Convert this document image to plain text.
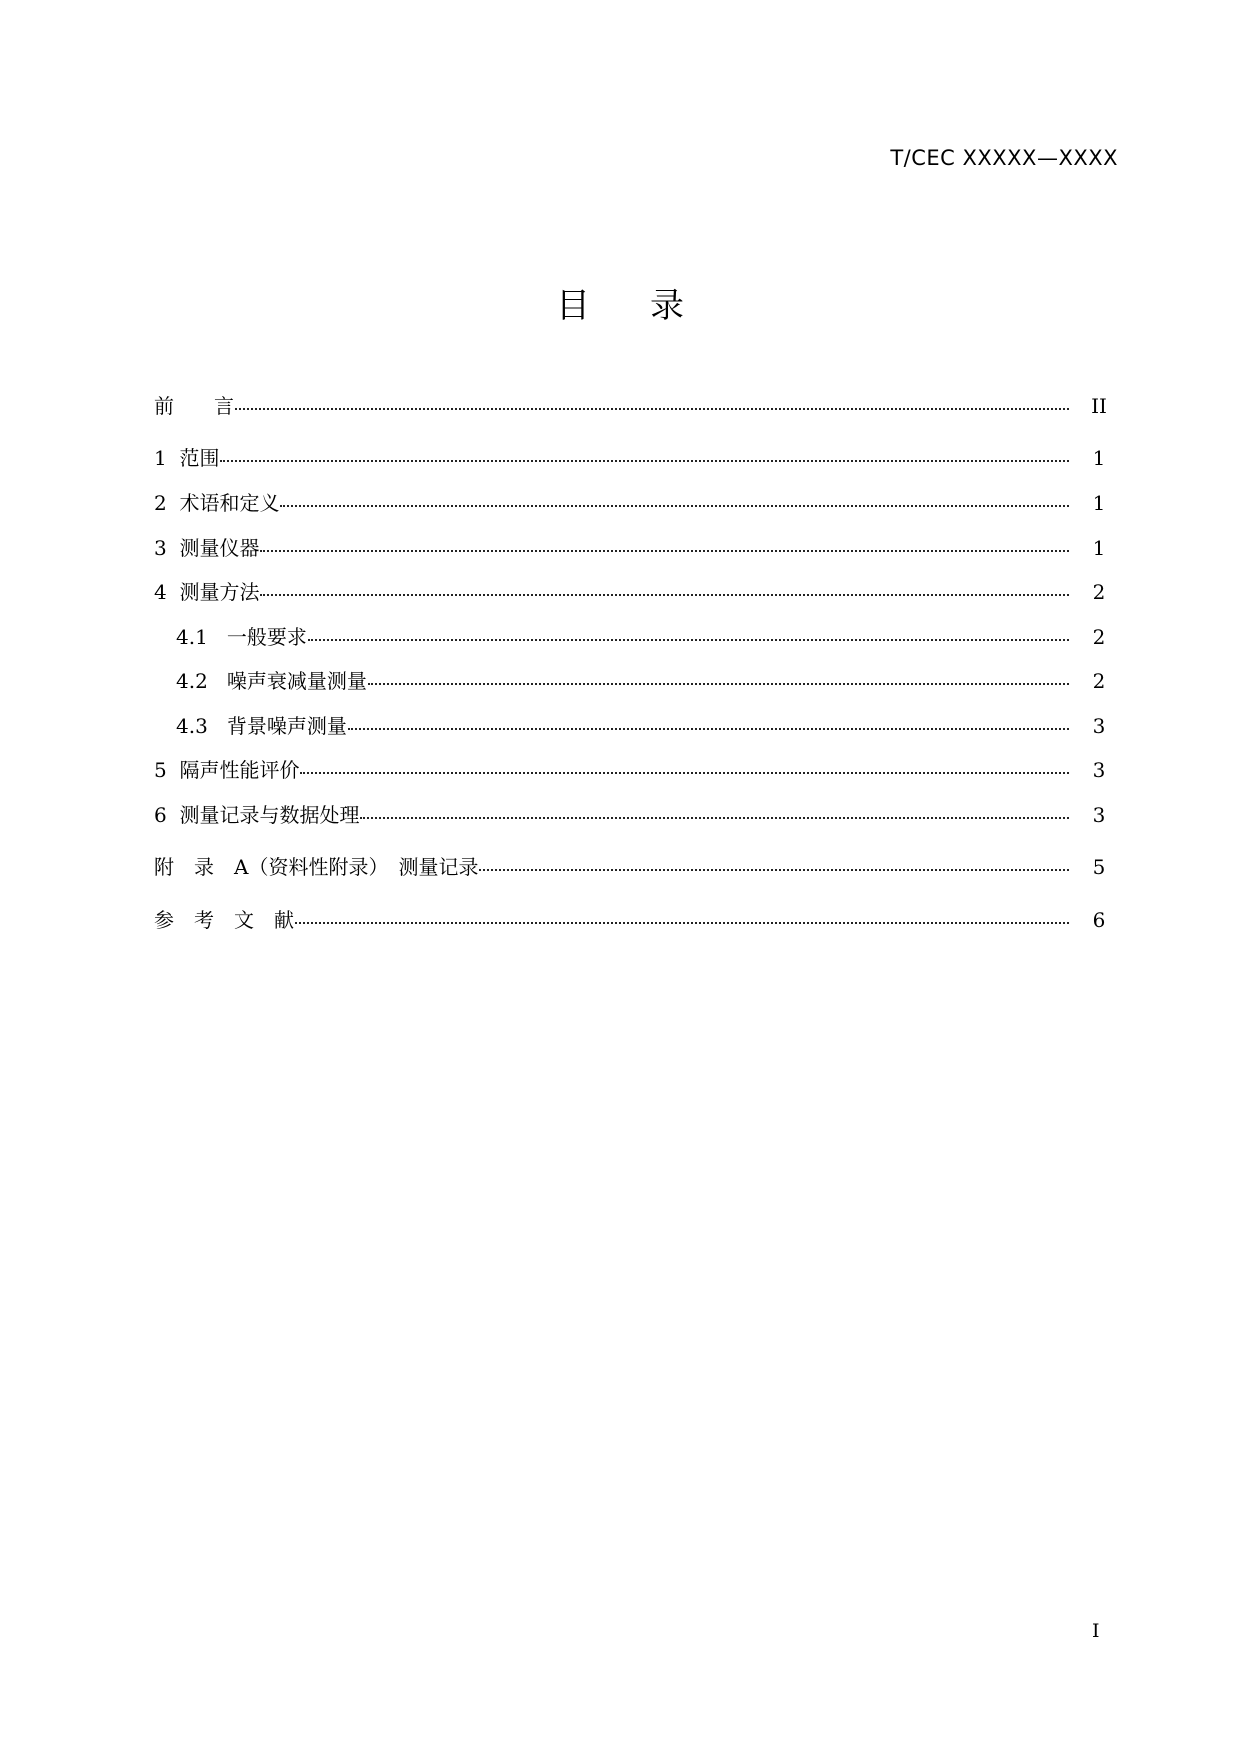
T/CEC XXXXX—XXXX
目录
前　　言	II
1  范围	1
2  术语和定义	1
3  测量仪器	1
4  测量方法	2
4.1   一般要求	2
4.2   噪声衰减量测量	2
4.3   背景噪声测量	3
5  隔声性能评价	3
6  测量记录与数据处理	3
附　录　A（资料性附录）　测量记录	5
参　考　文　献	6
I
